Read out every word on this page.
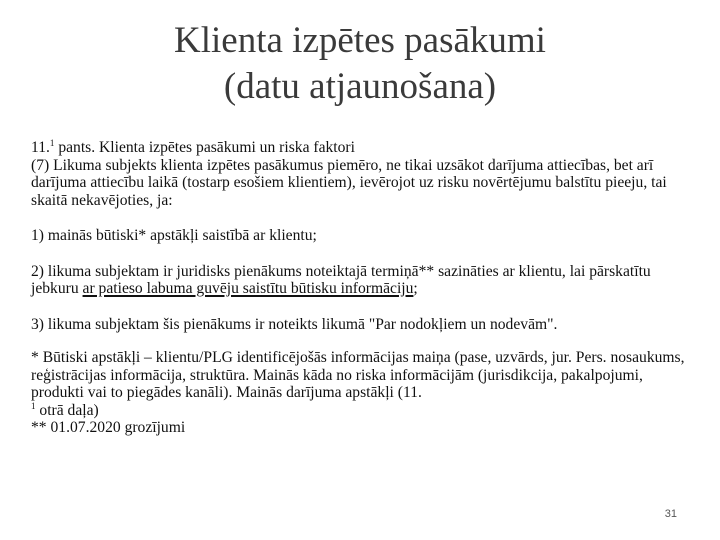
Klienta izpētes pasākumi
(datu atjaunošana)

11.$^1$ pants. Klienta izpētes pasākumi un riska faktori

(7) Likuma subjekts klienta izpētes pasākumus piemēro, ne tikai uzsākot darījuma attiecības, bet arī darījuma attiecību laikā (tostarp esošiem klientiem), ievērojot uz risku novērtējumu balstītu pieeju, tai skaitā nekavējoties, ja:

1) mainās būtiski* apstākļi saistībā ar klientu;

2) likuma subjektam ir juridisks pienākums noteiktajā termiņā** sazināties ar klientu, lai pārskatītu jebkuru ar patieso labuma guvēju saistītu būtisku informāciju;

3) likuma subjektam šis pienākums ir noteikts likumā "Par nodokļiem un nodevām".

* Būtiski apstākļi – klientu/PLG identificējošās informācijas maiņa (pase, uzvārds, jur. Pers. nosaukums, reģistrācijas informācija, struktūra. Mainās kāda no riska informācijām (jurisdikcija, pakalpojumi, produkti vai to piegādes kanāli). Mainās darījuma apstākļi (11.
$^1$ otrā daļa)

** 01.07.2020 grozījumi

31
